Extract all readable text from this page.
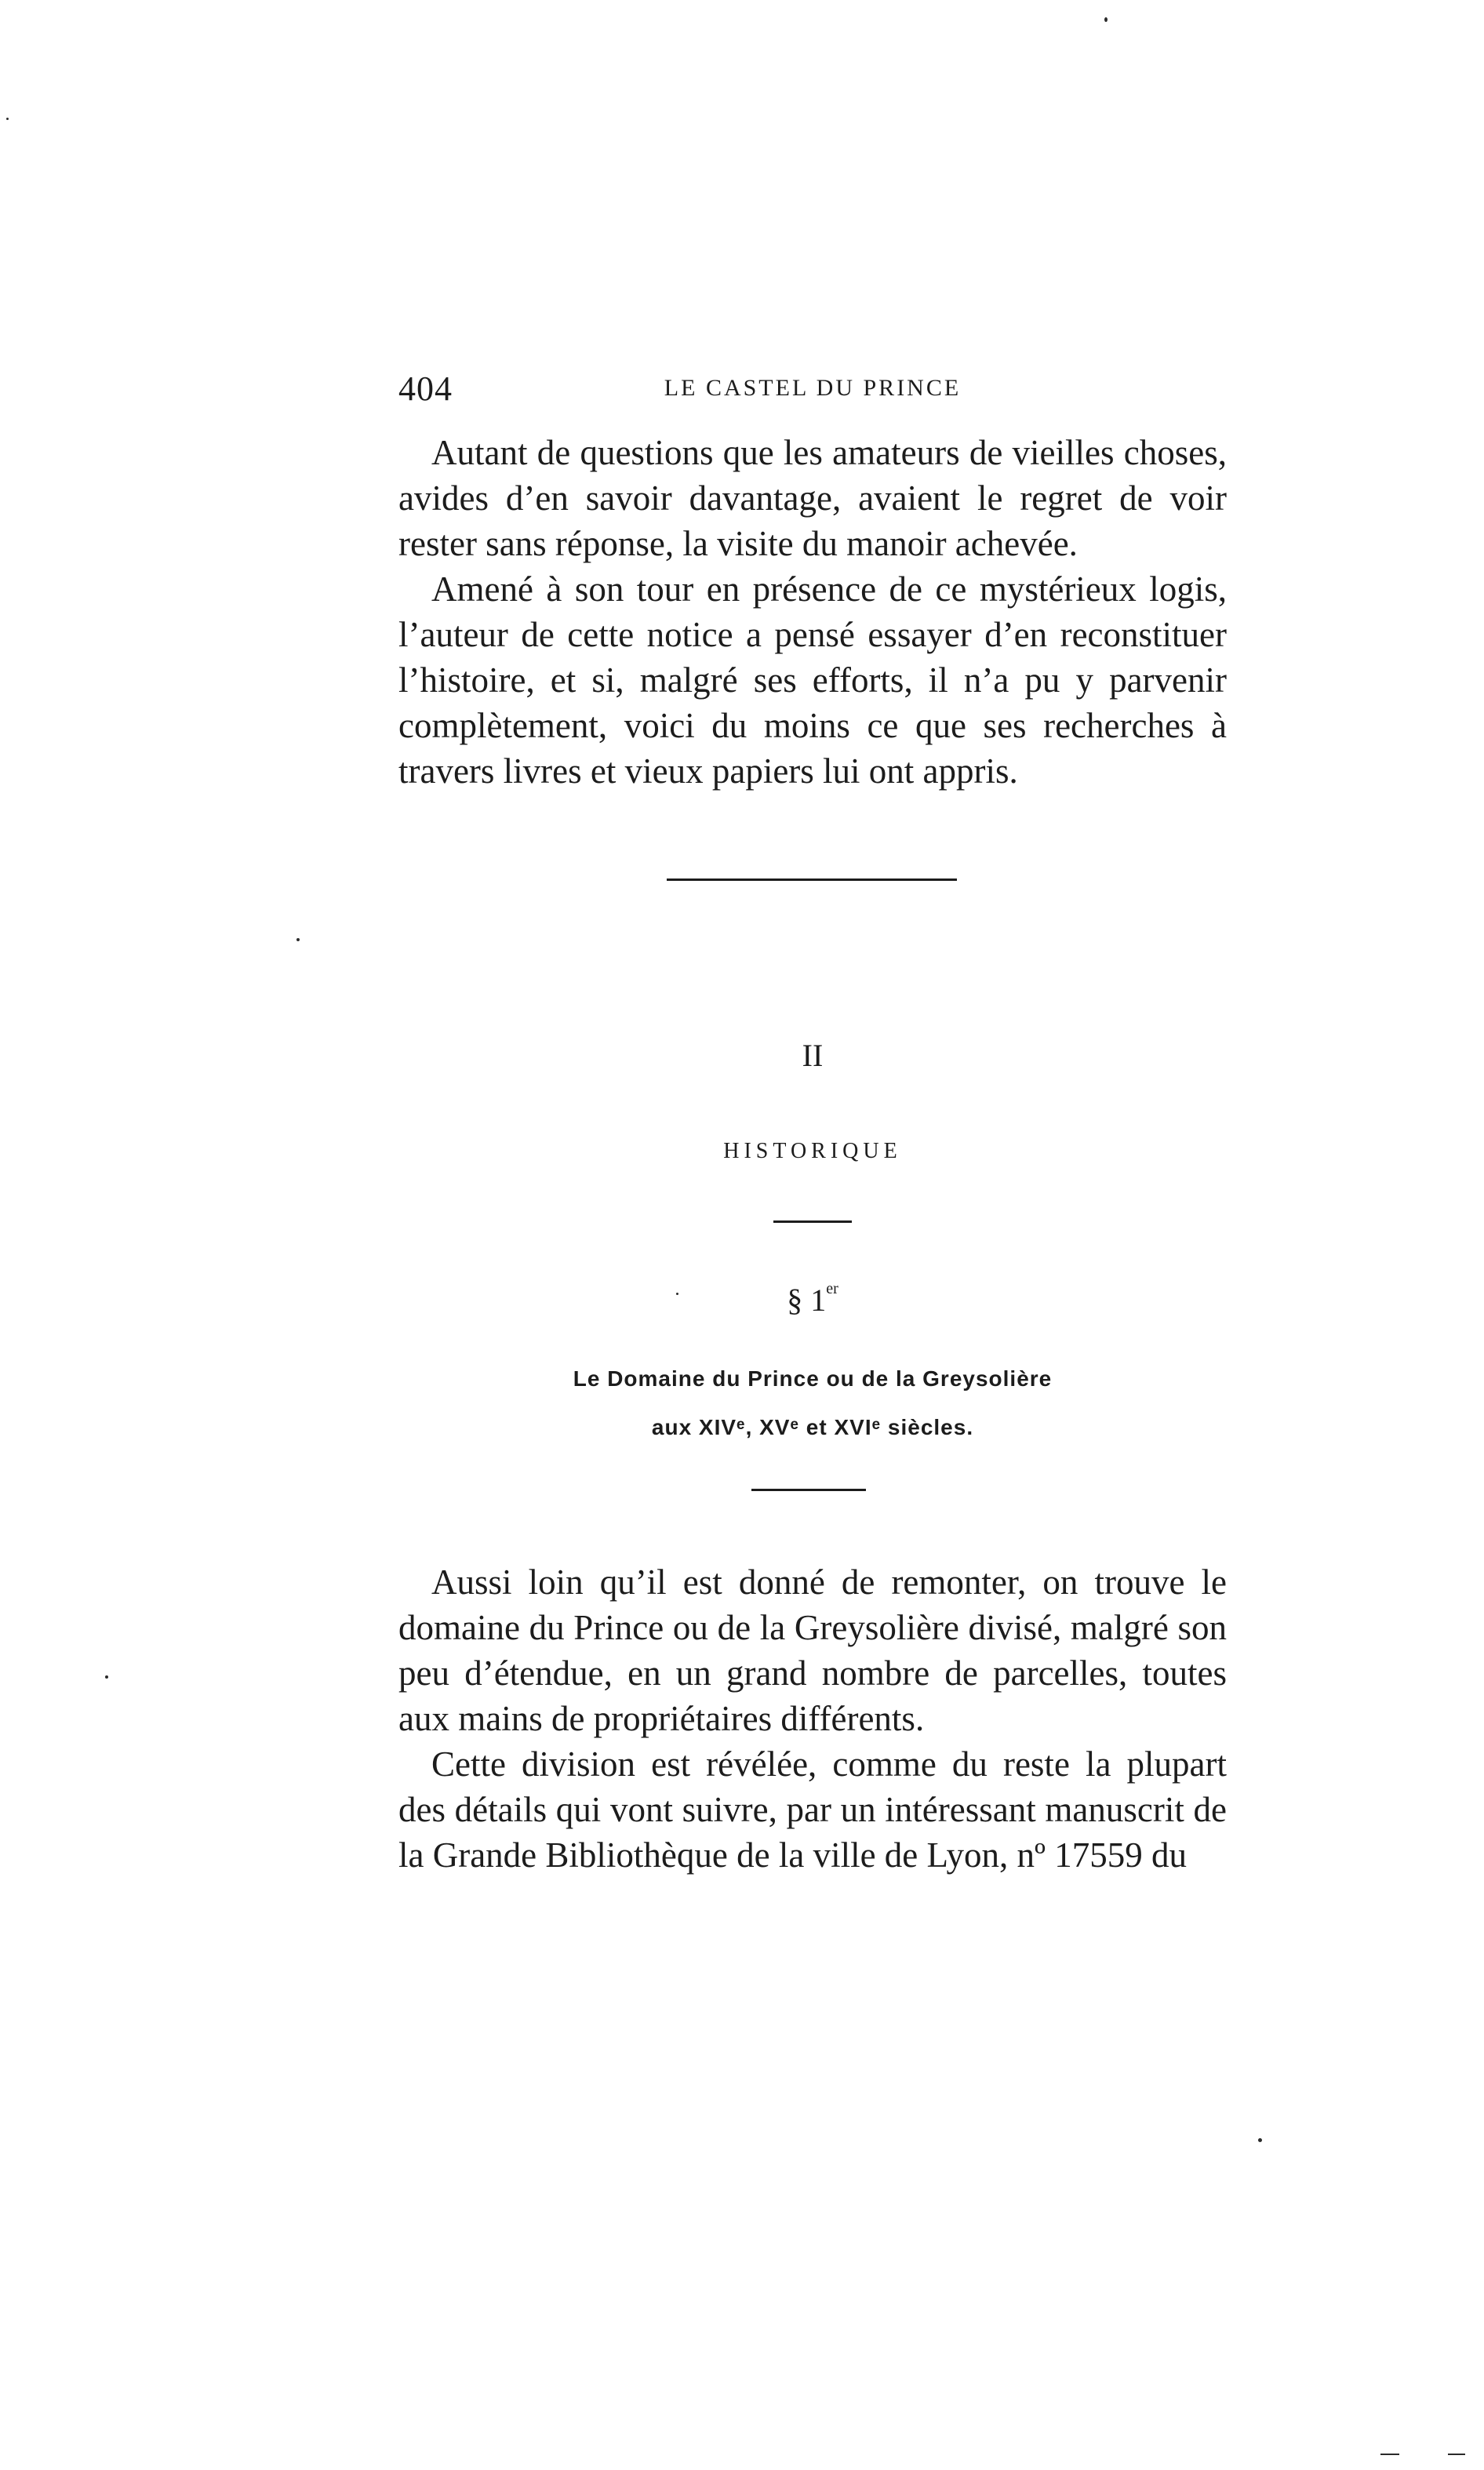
404	LE CASTEL DU PRINCE

Autant de questions que les amateurs de vieilles choses, avides d’en savoir davantage, avaient le regret de voir rester sans réponse, la visite du manoir achevée.

Amené à son tour en présence de ce mystérieux logis, l’auteur de cette notice a pensé essayer d’en reconstituer l’histoire, et si, malgré ses efforts, il n’a pu y parvenir complètement, voici du moins ce que ses recherches à travers livres et vieux papiers lui ont appris.

II
HISTORIQUE
§ 1er
Le Domaine du Prince ou de la Greysolière
aux XIVᵉ, XVᵉ et XVIᵉ siècles.

Aussi loin qu’il est donné de remonter, on trouve le domaine du Prince ou de la Greysolière divisé, malgré son peu d’étendue, en un grand nombre de parcelles, toutes aux mains de propriétaires différents.

Cette division est révélée, comme du reste la plupart des détails qui vont suivre, par un intéressant manuscrit de la Grande Bibliothèque de la ville de Lyon, nº 17559 du
